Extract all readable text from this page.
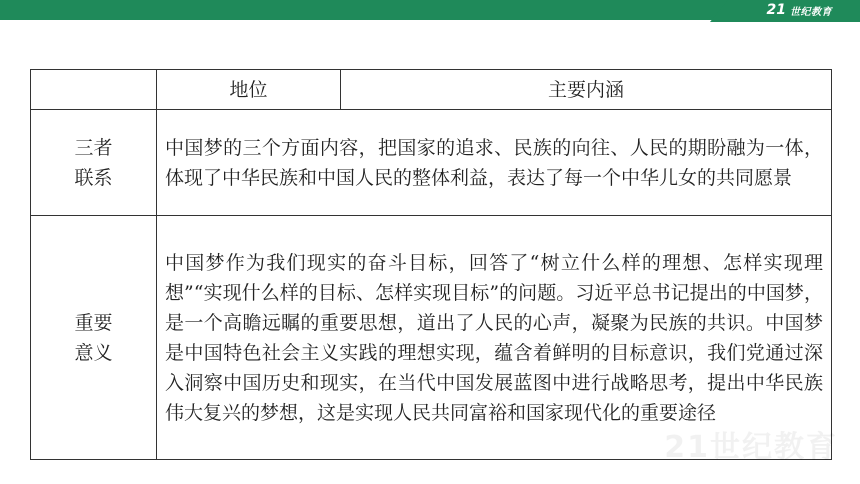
21 世纪教育
	地位	主要内涵

三者
联系	中国梦的三个方面内容，把国家的追求、民族的向往、人民的期盼融为一体，体现了中华民族和中国人民的整体利益，表达了每一个中华儿女的共同愿景	

重要
意义	中国梦作为我们现实的奋斗目标，回答了“树立什么样的理想、怎样实现理想”“实现什么样的目标、怎样实现目标”的问题。习近平总书记提出的中国梦，是一个高瞻远瞩的重要思想，道出了人民的心声，凝聚为民族的共识。中国梦是中国特色社会主义实践的理想实现，蕴含着鲜明的目标意识，我们党通过深入洞察中国历史和现实，在当代中国发展蓝图中进行战略思考，提出中华民族伟大复兴的梦想，这是实现人民共同富裕和国家现代化的重要途径	
21世纪教育
